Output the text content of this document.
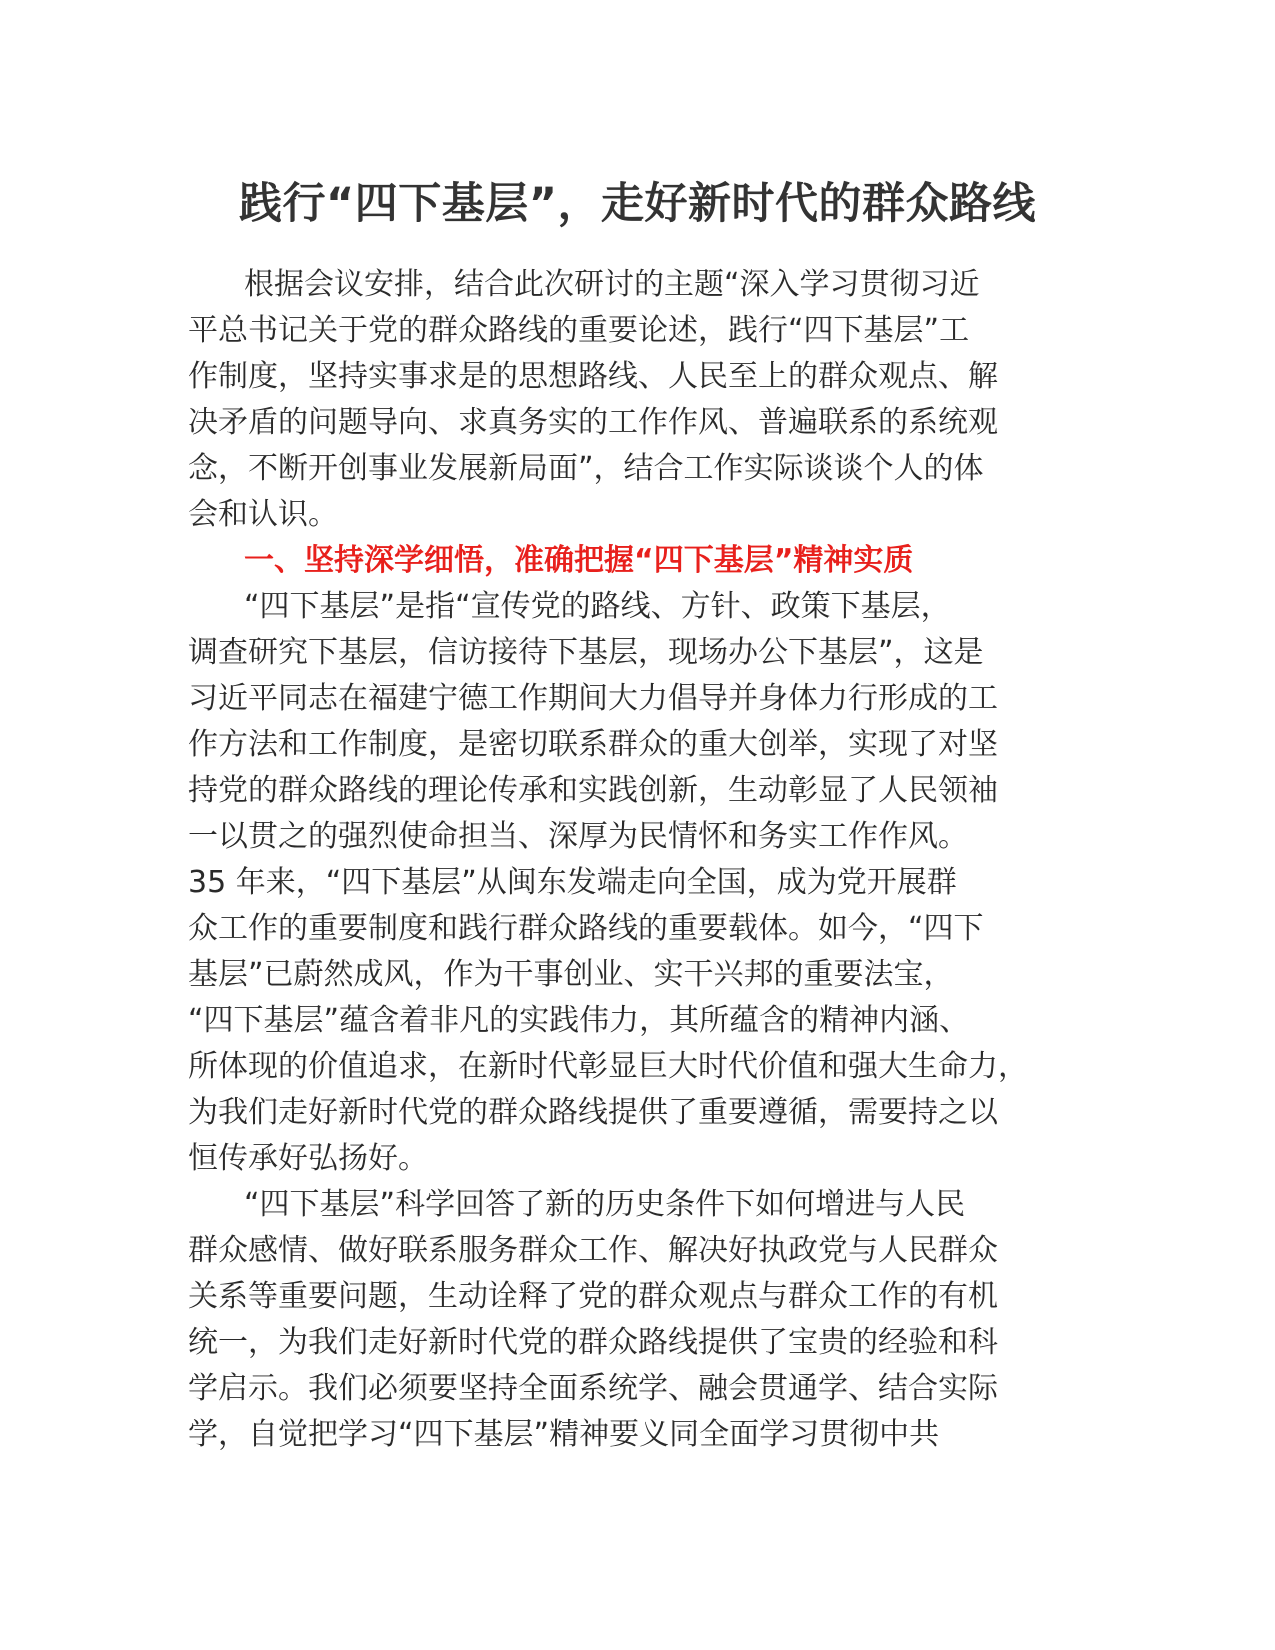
践行“四下基层”，走好新时代的群众路线
根据会议安排，结合此次研讨的主题“深入学习贯彻习近
平总书记关于党的群众路线的重要论述，践行“四下基层”工
作制度，坚持实事求是的思想路线、人民至上的群众观点、解
决矛盾的问题导向、求真务实的工作作风、普遍联系的系统观
念，不断开创事业发展新局面”，结合工作实际谈谈个人的体
会和认识。
一、坚持深学细悟，准确把握“四下基层”精神实质
“四下基层”是指“宣传党的路线、方针、政策下基层，
调查研究下基层，信访接待下基层，现场办公下基层”，这是
习近平同志在福建宁德工作期间大力倡导并身体力行形成的工
作方法和工作制度，是密切联系群众的重大创举，实现了对坚
持党的群众路线的理论传承和实践创新，生动彰显了人民领袖
一以贯之的强烈使命担当、深厚为民情怀和务实工作作风。
35 年来，“四下基层”从闽东发端走向全国，成为党开展群
众工作的重要制度和践行群众路线的重要载体。如今，“四下
基层”已蔚然成风，作为干事创业、实干兴邦的重要法宝，
“四下基层”蕴含着非凡的实践伟力，其所蕴含的精神内涵、
所体现的价值追求，在新时代彰显巨大时代价值和强大生命力，
为我们走好新时代党的群众路线提供了重要遵循，需要持之以
恒传承好弘扬好。
“四下基层”科学回答了新的历史条件下如何增进与人民
群众感情、做好联系服务群众工作、解决好执政党与人民群众
关系等重要问题，生动诠释了党的群众观点与群众工作的有机
统一，为我们走好新时代党的群众路线提供了宝贵的经验和科
学启示。我们必须要坚持全面系统学、融会贯通学、结合实际
学，自觉把学习“四下基层”精神要义同全面学习贯彻中共
